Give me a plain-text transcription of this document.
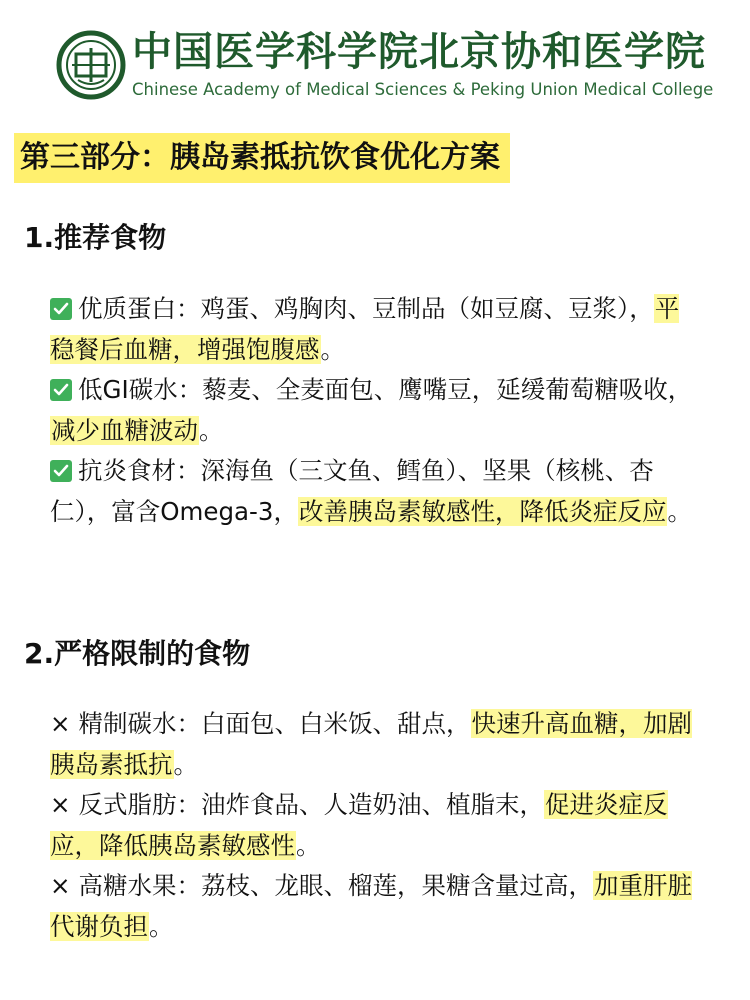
中国医学科学院北京协和医学院
Chinese Academy of Medical Sciences & Peking Union Medical College
第三部分：胰岛素抵抗饮食优化方案
1.推荐食物

优质蛋白：鸡蛋、鸡胸肉、豆制品（如豆腐、豆浆），平稳餐后血糖，增强饱腹感。

低GI碳水：藜麦、全麦面包、鹰嘴豆，延缓葡萄糖吸收，减少血糖波动。

抗炎食材：深海鱼（三文鱼、鳕鱼）、坚果（核桃、杏仁），富含Omega-3，改善胰岛素敏感性，降低炎症反应。

2.严格限制的食物

× 精制碳水：白面包、白米饭、甜点，快速升高血糖，加剧胰岛素抵抗。

× 反式脂肪：油炸食品、人造奶油、植脂末，促进炎症反应，降低胰岛素敏感性。

× 高糖水果：荔枝、龙眼、榴莲，果糖含量过高，加重肝脏代谢负担。
